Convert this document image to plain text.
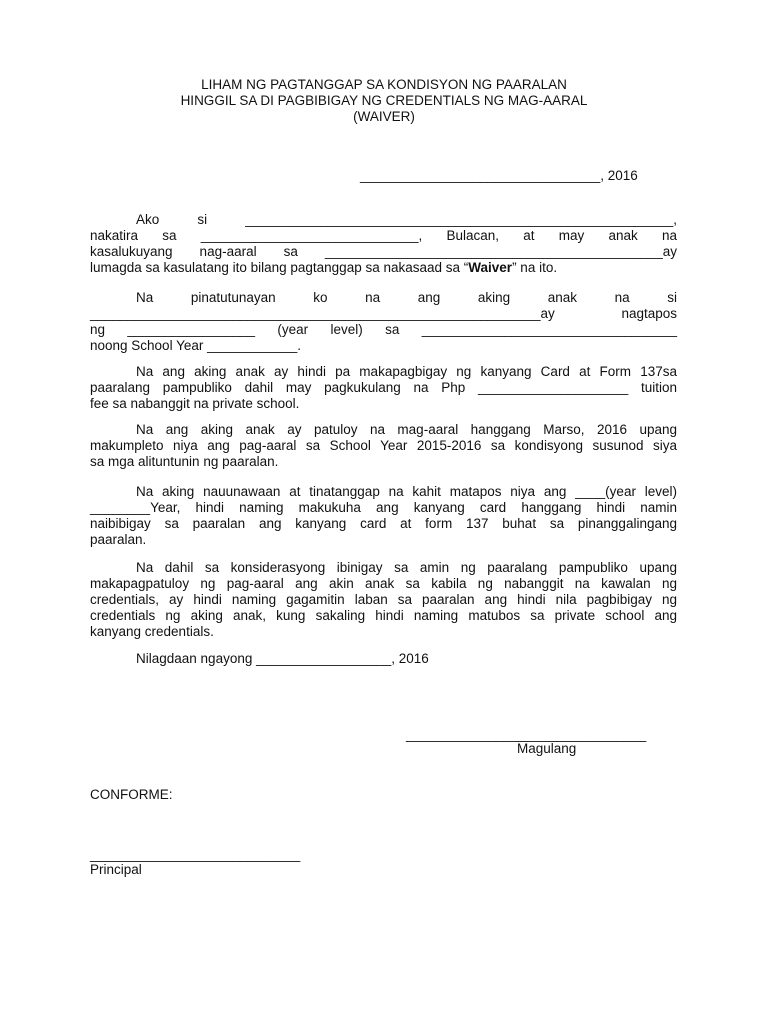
LIHAM NG PAGTANGGAP SA KONDISYON NG PAARALAN
HINGGIL SA DI PAGBIBIGAY NG CREDENTIALS NG MAG-AARAL
(WAIVER)
________________________________, 2016
Ako si _________________________________________________________,
nakatira sa _____________________________, Bulacan, at may anak na
kasalukuyang nag-aaral sa _____________________________________________ay
lumagda sa kasulatang ito bilang pagtanggap sa nakasaad sa “Waiver” na ito.
Na pinatutunayan ko na ang aking anak na si
____________________________________________________________ay nagtapos
ng _________________ (year level) sa __________________________________
noong School Year ____________.
Na ang aking anak ay hindi pa makapagbigay ng kanyang Card at Form 137sa
paaralang pampubliko dahil may pagkukulang na Php ____________________ tuition
fee sa nabanggit na private school.
Na ang aking anak ay patuloy na mag-aaral hanggang Marso, 2016 upang
makumpleto niya ang pag-aaral sa School Year 2015-2016 sa kondisyong susunod siya
sa mga alituntunin ng paaralan.
Na aking nauunawaan at tinatanggap na kahit matapos niya ang ____(year level)
________Year, hindi naming makukuha ang kanyang card hanggang hindi namin
naibibigay sa paaralan ang kanyang card at form 137 buhat sa pinanggalingang
paaralan.
Na dahil sa konsiderasyong ibinigay sa amin ng paaralang pampubliko upang
makapagpatuloy ng pag-aaral ang akin anak sa kabila ng nabanggit na kawalan ng
credentials, ay hindi naming gagamitin laban sa paaralan ang hindi nila pagbibigay ng
credentials ng aking anak, kung sakaling hindi naming matubos sa private school ang
kanyang credentials.
Nilagdaan ngayong __________________, 2016
________________________________
Magulang
CONFORME:
____________________________
Principal
